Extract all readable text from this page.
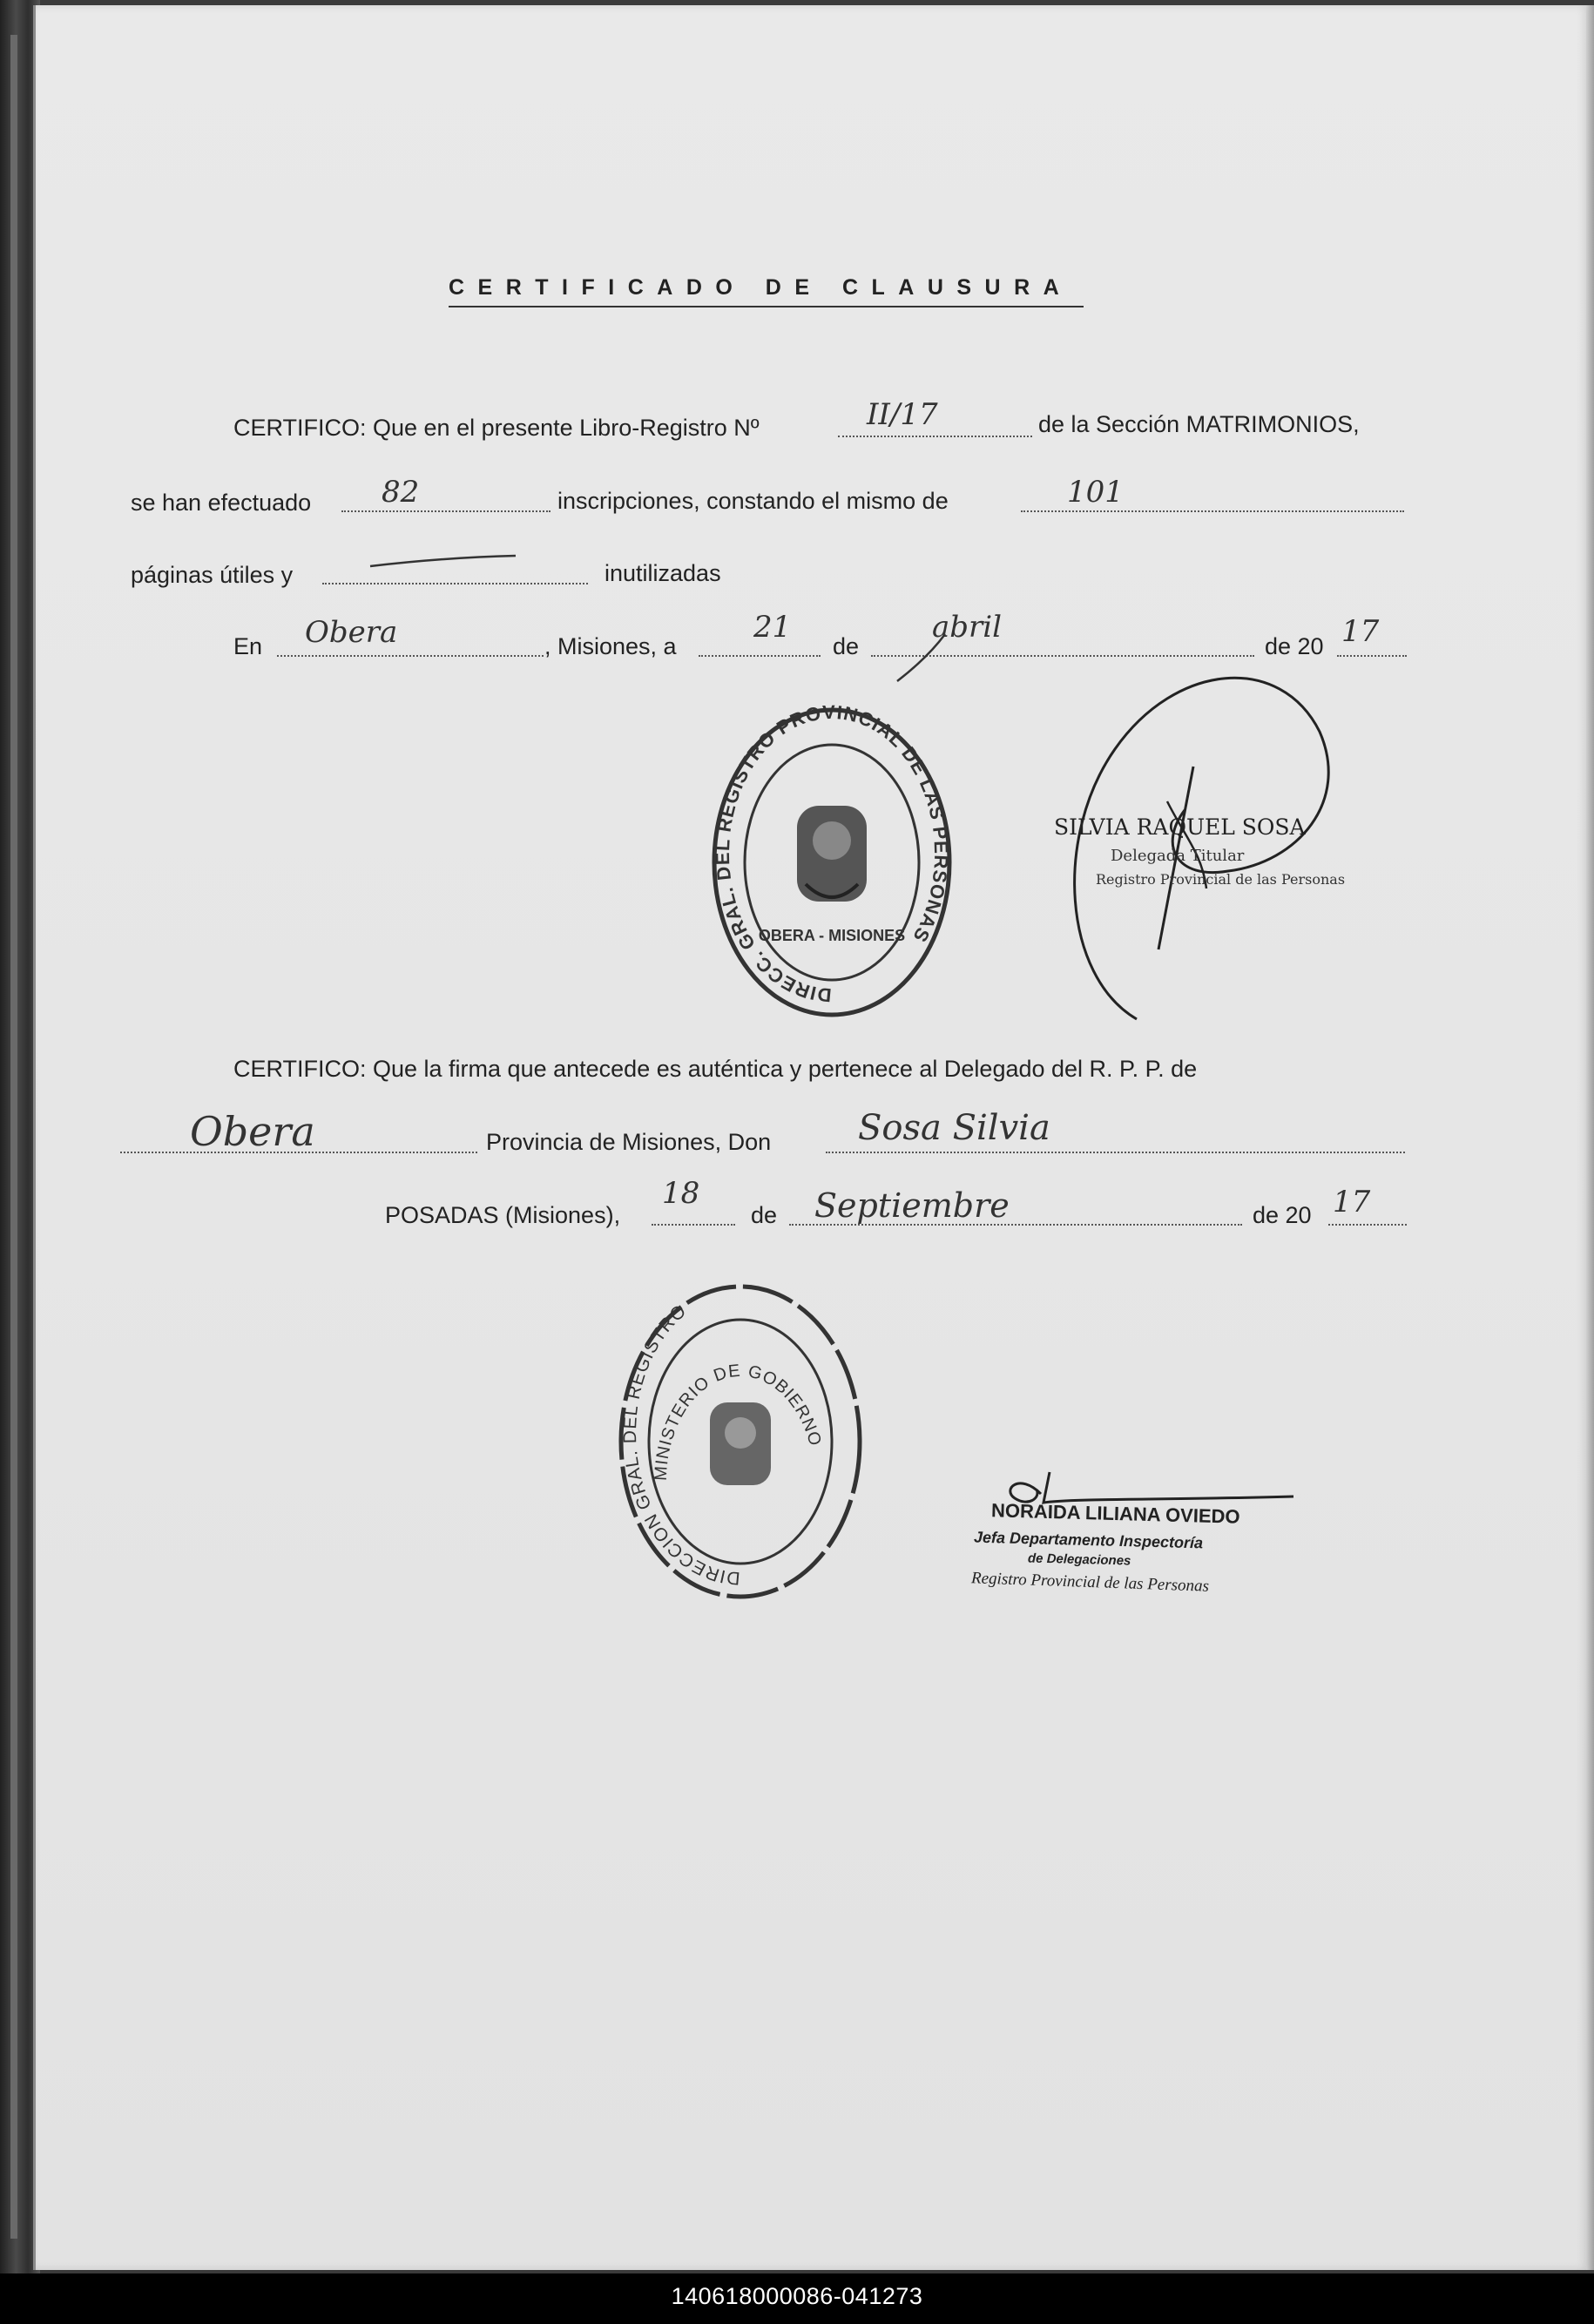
CERTIFICADO DE CLAUSURA
CERTIFICO: Que en el presente Libro-Registro Nº	II/17	de la Sección MATRIMONIOS,
se han efectuado 82	inscripciones, constando el mismo de	101
páginas útiles y	inutilizadas
En Obera	, Misiones, a
21
de
abril
de 20 17
DIRECC. GRAL. DEL REGISTRO PROVINCIAL DE LAS PERSONAS
OBERA - MISIONES
SILVIA RAQUEL SOSA
Delegada Titular
Registro Provincial de las Personas
CERTIFICO: Que la firma que antecede es auténtica y pertenece al Delegado del R. P. P. de
Obera	Provincia de Misiones, Don Sosa Silvia
POSADAS (Misiones),
18
de Septiembre	de 20 17
DIRECCION GRAL. DEL REGISTRO
MINISTERIO DE GOBIERNO
NORAIDA LILIANA OVIEDO
Jefa Departamento Inspectoría
de Delegaciones
Registro Provincial de las Personas
140618000086-041273
